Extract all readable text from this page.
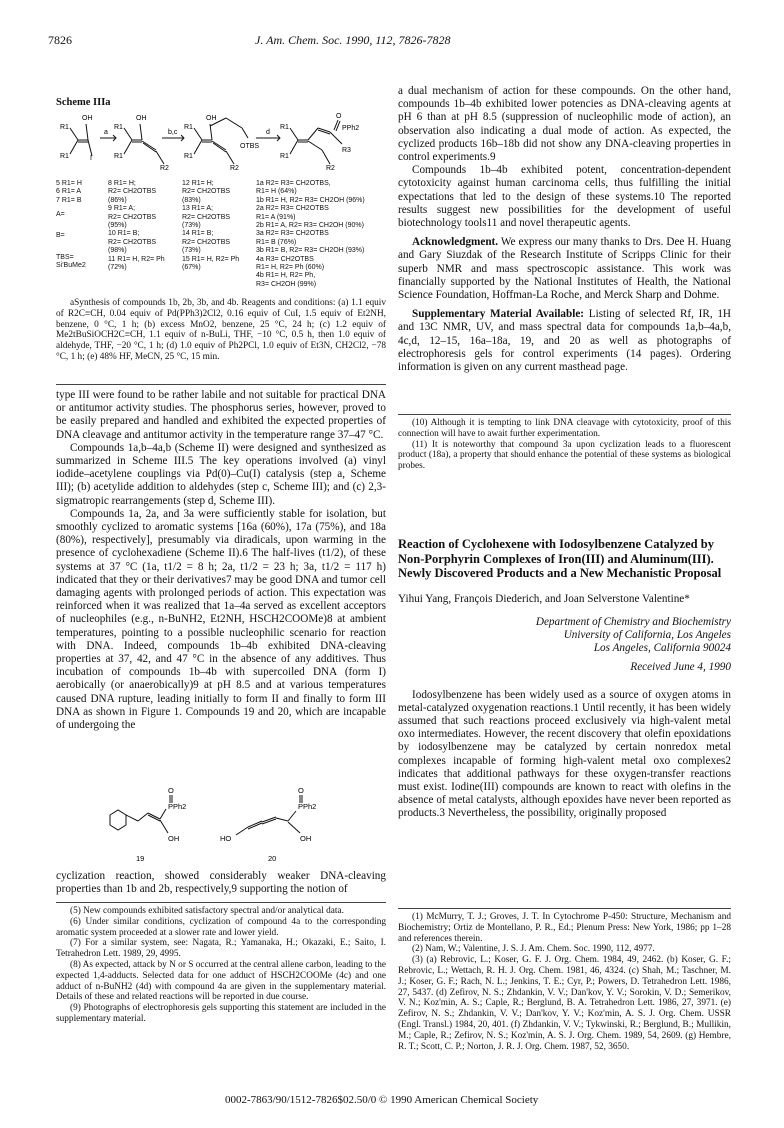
7826	J. Am. Chem. Soc. 1990, 112, 7826-7828
Scheme IIIa
OH
R1
R1	I
a
OH
R1
R1
R2
b,c
OH
R1
R1
R2
OTBS
d
R1
R1
R2
R3
O
PPh2
5 R1= H
6 R1= A
7 R1= B
A=
B=
TBS=
Si'BuMe2
8 R1= H;
R2= CH2OTBS
(86%)
9 R1= A;
R2= CH2OTBS
(95%)
10 R1= B;
R2= CH2OTBS
(98%)
11 R1= H, R2= Ph
(72%)
12 R1= H;
R2= CH2OTBS
(83%)
13 R1= A;
R2= CH2OTBS
(73%)
14 R1= B;
R2= CH2OTBS
(73%)
15 R1= H, R2= Ph
(67%)
1a R2= R3= CH2OTBS,
R1= H (64%)
1b R1= H, R2= R3= CH2OH (96%)
2a R2= R3= CH2OTBS
R1= A (91%)
2b R1= A, R2= R3= CH2OH (90%)
3a R2= R3= CH2OTBS
R1= B (76%)
3b R1= B, R2= R3= CH2OH (93%)
4a R3= CH2OTBS
R1= H, R2= Ph (60%)
4b R1= H, R2= Ph,
R3= CH2OH (99%)

aSynthesis of compounds 1b, 2b, 3b, and 4b. Reagents and conditions: (a) 1.1 equiv of R2C≡CH, 0.04 equiv of Pd(PPh3)2Cl2, 0.16 equiv of CuI, 1.5 equiv of Et2NH, benzene, 0 °C, 1 h; (b) excess MnO2, benzene, 25 °C, 24 h; (c) 1.2 equiv of Me2tBuSiOCH2C≡CH, 1.1 equiv of n-BuLi, THF, −10 °C, 0.5 h, then 1.0 equiv of aldehyde, THF, −20 °C, 1 h; (d) 1.0 equiv of Ph2PCl, 1.0 equiv of Et3N, CH2Cl2, −78 °C, 1 h; (e) 48% HF, MeCN, 25 °C, 15 min.

type III were found to be rather labile and not suitable for practical DNA or antitumor activity studies. The phosphorus series, however, proved to be easily prepared and handled and exhibited the expected properties of DNA cleavage and antitumor activity in the temperature range 37–47 °C.

Compounds 1a,b–4a,b (Scheme II) were designed and synthesized as summarized in Scheme III.5 The key operations involved (a) vinyl iodide–acetylene couplings via Pd(0)–Cu(I) catalysis (step a, Scheme III); (b) acetylide addition to aldehydes (step c, Scheme III); and (c) 2,3-sigmatropic rearrangements (step d, Scheme III).

Compounds 1a, 2a, and 3a were sufficiently stable for isolation, but smoothly cyclized to aromatic systems [16a (60%), 17a (75%), and 18a (80%), respectively], presumably via diradicals, upon warming in the presence of cyclohexadiene (Scheme II).6 The half-lives (t1/2), of these systems at 37 °C (1a, t1/2 = 8 h; 2a, t1/2 = 23 h; 3a, t1/2 = 117 h) indicated that they or their derivatives7 may be good DNA and tumor cell damaging agents with prolonged periods of action. This expectation was reinforced when it was realized that 1a–4a served as excellent acceptors of nucleophiles (e.g., n-BuNH2, Et2NH, HSCH2COOMe)8 at ambient temperatures, pointing to a possible nucleophilic scenario for reaction with DNA. Indeed, compounds 1b–4b exhibited DNA-cleaving properties at 37, 42, and 47 °C in the absence of any additives. Thus incubation of compounds 1b–4b with supercoiled DNA (form I) aerobically (or anaerobically)9 at pH 8.5 and at various temperatures caused DNA rupture, leading initially to form II and finally to form III DNA as shown in Figure 1. Compounds 19 and 20, which are incapable of undergoing the

O
PPh2
OH
19
HO
O
PPh2
OH
20

cyclization reaction, showed considerably weaker DNA-cleaving properties than 1b and 2b, respectively,9 supporting the notion of

(5) New compounds exhibited satisfactory spectral and/or analytical data.

(6) Under similar conditions, cyclization of compound 4a to the corresponding aromatic system proceeded at a slower rate and lower yield.

(7) For a similar system, see: Nagata, R.; Yamanaka, H.; Okazaki, E.; Saito, I. Tetrahedron Lett. 1989, 29, 4995.

(8) As expected, attack by N or S occurred at the central allene carbon, leading to the expected 1,4-adducts. Selected data for one adduct of HSCH2COOMe (4c) and one adduct of n-BuNH2 (4d) with compound 4a are given in the supplementary material. Details of these and related reactions will be reported in due course.

(9) Photographs of electrophoresis gels supporting this statement are included in the supplementary material.

a dual mechanism of action for these compounds. On the other hand, compounds 1b–4b exhibited lower potencies as DNA-cleaving agents at pH 6 than at pH 8.5 (suppression of nucleophilic mode of action), an observation also indicating a dual mode of action. As expected, the cyclized products 16b–18b did not show any DNA-cleaving properties in control experiments.9

Compounds 1b–4b exhibited potent, concentration-dependent cytotoxicity against human carcinoma cells, thus fulfilling the initial expectations that led to the design of these systems.10 The reported results suggest new possibilities for the development of useful biotechnology tools11 and novel therapeutic agents.

Acknowledgment. We express our many thanks to Drs. Dee H. Huang and Gary Siuzdak of the Research Institute of Scripps Clinic for their superb NMR and mass spectroscopic assistance. This work was financially supported by the National Institutes of Health, the National Science Foundation, Hoffman-La Roche, and Merck Sharp and Dohme.

Supplementary Material Available: Listing of selected Rf, IR, 1H and 13C NMR, UV, and mass spectral data for compounds 1a,b–4a,b, 4c,d, 12–15, 16a–18a, 19, and 20 as well as photographs of electrophoresis gels for control experiments (14 pages). Ordering information is given on any current masthead page.

(10) Although it is tempting to link DNA cleavage with cytotoxicity, proof of this connection will have to await further experimentation.

(11) It is noteworthy that compound 3a upon cyclization leads to a fluorescent product (18a), a property that should enhance the potential of these systems as biological probes.

Reaction of Cyclohexene with Iodosylbenzene Catalyzed by Non-Porphyrin Complexes of Iron(III) and Aluminum(III). Newly Discovered Products and a New Mechanistic Proposal
Yihui Yang, François Diederich, and Joan Selverstone Valentine*
Department of Chemistry and Biochemistry
University of California, Los Angeles
Los Angeles, California 90024
Received June 4, 1990

Iodosylbenzene has been widely used as a source of oxygen atoms in metal-catalyzed oxygenation reactions.1 Until recently, it has been widely assumed that such reactions proceed exclusively via high-valent metal oxo intermediates. However, the recent discovery that olefin epoxidations by iodosylbenzene may be catalyzed by certain nonredox metal complexes incapable of forming high-valent metal oxo complexes2 indicates that additional pathways for these oxygen-transfer reactions must exist. Iodine(III) compounds are known to react with olefins in the absence of metal catalysts, although epoxides have never been reported as products.3 Nevertheless, the possibility, originally proposed

(1) McMurry, T. J.; Groves, J. T. In Cytochrome P-450: Structure, Mechanism and Biochemistry; Ortiz de Montellano, P. R., Ed.; Plenum Press: New York, 1986; pp 1–28 and references therein.

(2) Nam, W.; Valentine, J. S. J. Am. Chem. Soc. 1990, 112, 4977.

(3) (a) Rebrovic, L.; Koser, G. F. J. Org. Chem. 1984, 49, 2462. (b) Koser, G. F.; Rebrovic, L.; Wettach, R. H. J. Org. Chem. 1981, 46, 4324. (c) Shah, M.; Taschner, M. J.; Koser, G. F.; Rach, N. L.; Jenkins, T. E.; Cyr, P.; Powers, D. Tetrahedron Lett. 1986, 27, 5437. (d) Zefirov, N. S.; Zhdankin, V. V.; Dan'kov, Y. V.; Sorokin, V. D.; Semerikov, V. N.; Koz'min, A. S.; Caple, R.; Berglund, B. A. Tetrahedron Lett. 1986, 27, 3971. (e) Zefirov, N. S.; Zhdankin, V. V.; Dan'kov, Y. V.; Koz'min, A. S. J. Org. Chem. USSR (Engl. Transl.) 1984, 20, 401. (f) Zhdankin, V. V.; Tykwinski, R.; Berglund, B.; Mullikin, M.; Caple, R.; Zefirov, N. S.; Koz'min, A. S. J. Org. Chem. 1989, 54, 2609. (g) Hembre, R. T.; Scott, C. P.; Norton, J. R. J. Org. Chem. 1987, 52, 3650.

0002-7863/90/1512-7826$02.50/0 © 1990 American Chemical Society
